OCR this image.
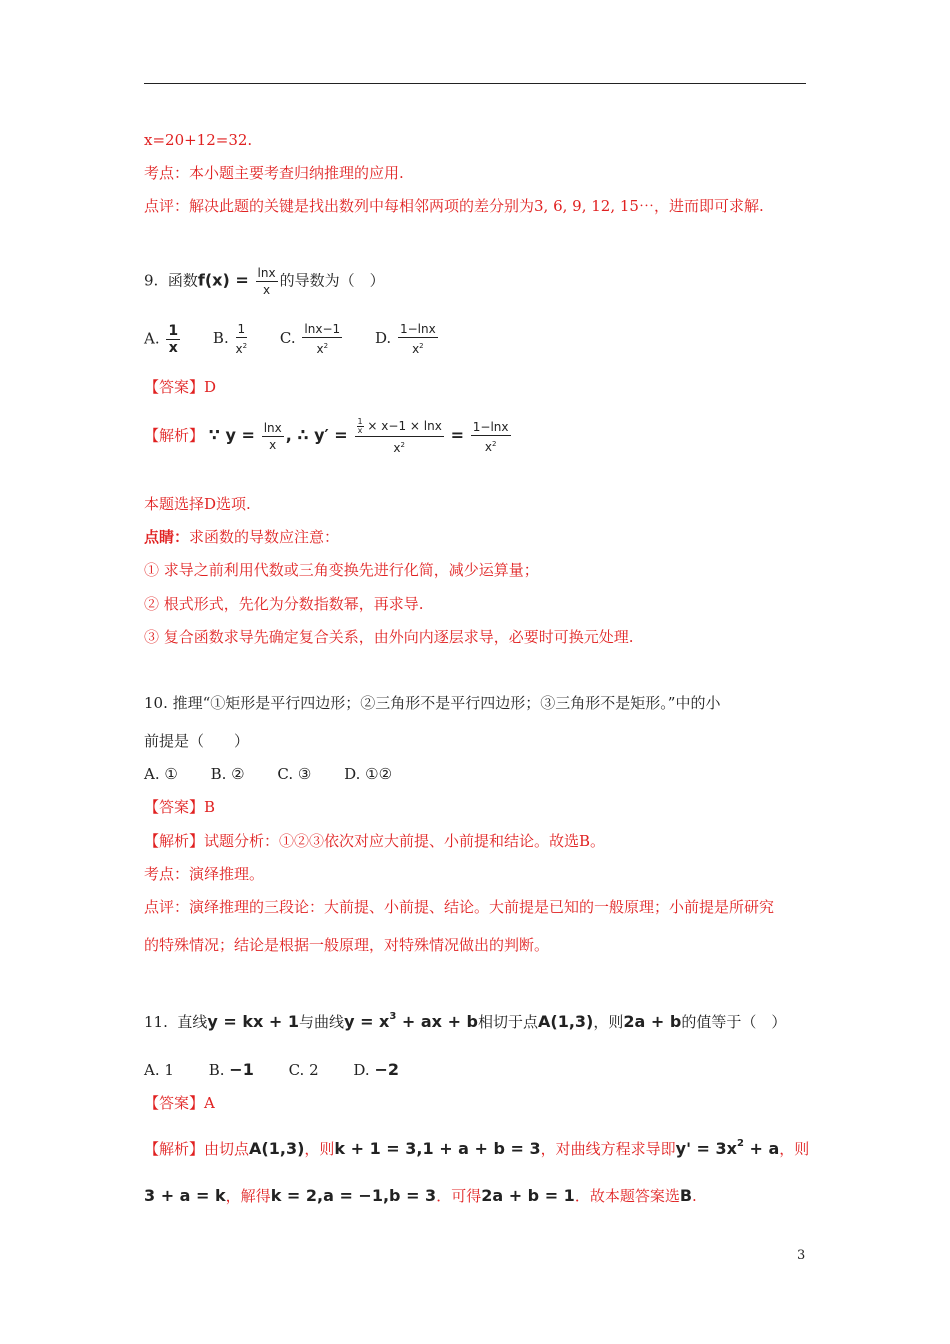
x=20+12=32.
考点：本小题主要考查归纳推理的应用.
点评：解决此题的关键是找出数列中每相邻两项的差分别为3, 6, 9, 12, 15⋯，进而即可求解.
9. 函数$f(x) = \frac{\ln x}{x}$ 的导数为（　）
A. $\frac{1}{x} B$. $\frac{1}{x^2} C$. $\frac{\ln x-1}{x^2} D$. $\frac{1-\ln x}{x^2}$
【答案】D
【解析】 ∵ $y = \frac{\ln x}{x}$ , ∴ $y' = \frac{\frac{1}{x} \times x-1 \times \ln x}{x^2} = \frac{1-\ln x}{x^2}$
本题选择D选项.
点睛：求函数的导数应注意：
① 求导之前利用代数或三角变换先进行化简，减少运算量；
② 根式形式，先化为分数指数幂，再求导.
③ 复合函数求导先确定复合关系，由外向内逐层求导，必要时可换元处理.
10. 推理“①矩形是平行四边形；②三角形不是平行四边形；③三角形不是矩形。”中的小
前提是（　　）
A. ① B. ② C. ③ D. ①②
【答案】B
【解析】试题分析：①②③依次对应大前提、小前提和结论。故选B。
考点：演绎推理。
点评：演绎推理的三段论：大前提、小前提、结论。大前提是已知的一般原理；小前提是所研究
的特殊情况；结论是根据一般原理，对特殊情况做出的判断。
11. 直线y = kx + 1与曲线$y = x^3$ + ax + b相切于点A(1,3)，则2a + b的值等于（　）
A. 1 B. −1 C. 2 D. −2
【答案】A
【解析】由切点A(1,3)，则k + 1 = 3,1 + a + b = 3，对曲线方程求导即$y' = 3x^2 + a$，则
3 + a = k，解得k = 2,a = −1,b = 3．可得2a + b = 1．故本题答案选B.
3
